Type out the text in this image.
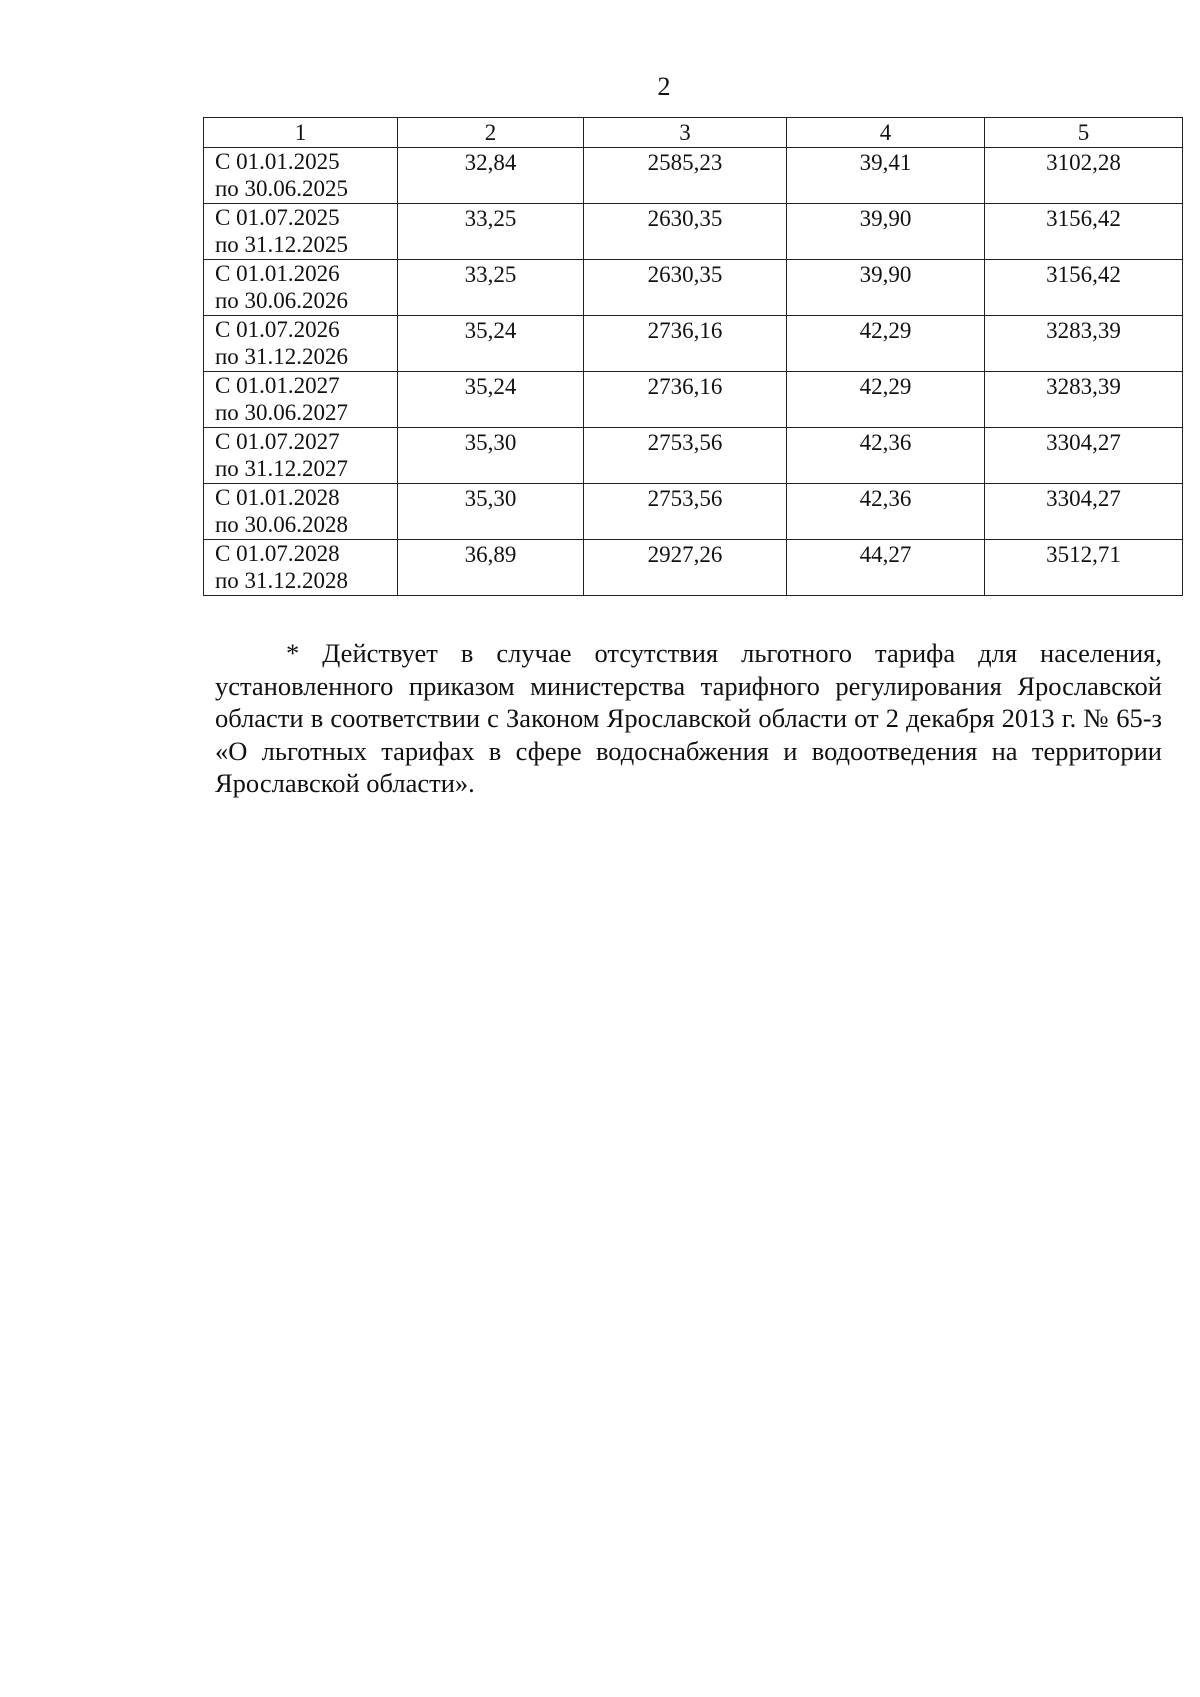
2
1	2	3	4	5

С 01.01.2025
по 30.06.2025	32,84	2585,23	39,41	3102,28

С 01.07.2025
по 31.12.2025	33,25	2630,35	39,90	3156,42

С 01.01.2026
по 30.06.2026	33,25	2630,35	39,90	3156,42

С 01.07.2026
по 31.12.2026	35,24	2736,16	42,29	3283,39

С 01.01.2027
по 30.06.2027	35,24	2736,16	42,29	3283,39

С 01.07.2027
по 31.12.2027	35,30	2753,56	42,36	3304,27

С 01.01.2028
по 30.06.2028	35,30	2753,56	42,36	3304,27

С 01.07.2028
по 31.12.2028	36,89	2927,26	44,27	3512,71

* Действует в случае отсутствия льготного тарифа для населения, установленного приказом министерства тарифного регулирования Ярославской области в соответствии с Законом Ярославской области от 2 декабря 2013 г. № 65-з «О льготных тарифах в сфере водоснабжения и водоотведения на территории Ярославской области».
